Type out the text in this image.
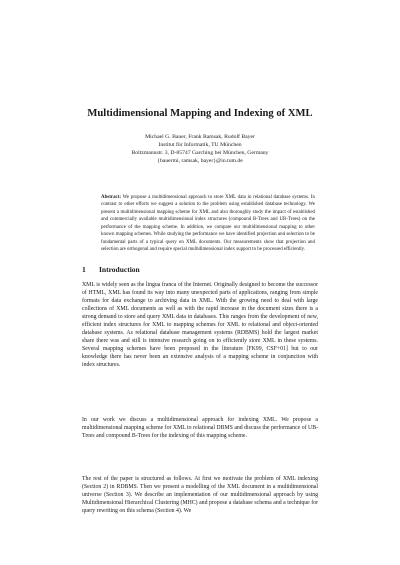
Multidimensional Mapping and Indexing of XML
Michael G. Bauer, Frank Ramsak, Rudolf Bayer
Institut für Informatik, TU München
Boltzmannstr. 3, D-85747 Garching bei München, Germany
{bauermi, ramsak, bayer}@in.tum.de
Abstract: We propose a multidimensional approach to store XML data in relational database systems. In contrast to other efforts we suggest a solution to the problem using established database technology. We present a multidimensional mapping scheme for XML and also thoroughly study the impact of established and commercially available multidimensional index structures (compound B-Trees and UB-Trees) on the performance of the mapping scheme. In addition, we compare our multidimensional mapping to other known mapping schemes. While studying the performance we have identified projection and selection to be fundamental parts of a typical query on XML documents. Our measurements show that projection and selection are orthogonal and require special multidimensional index support to be processed efficiently.
1 Introduction

XML is widely seen as the lingua franca of the Internet. Originally designed to become the successor of HTML, XML has found its way into many unexpected parts of applications, ranging from simple formats for data exchange to archiving data in XML. With the growing need to deal with large collections of XML documents as well as with the rapid increase in the document sizes there is a strong demand to store and query XML data in databases. This ranges from the development of new, efficient index structures for XML to mapping schemes for XML to relational and object-oriented database systems. As relational database management systems (RDBMS) hold the largest market share there was and still is intensive research going on to efficiently store XML in these systems. Several mapping schemes have been proposed in the literature [FK99, CSF+01] but to our knowledge there has never been an extensive analysis of a mapping scheme in conjunction with index structures.

In our work we discuss a multidimensional approach for indexing XML. We propose a multidimensional mapping scheme for XML to relational DBMS and discuss the performance of UB-Trees and compound B-Trees for the indexing of this mapping scheme.

The rest of the paper is structured as follows. At first we motivate the problem of XML indexing (Section 2) in RDBMS. Then we present a modelling of the XML document in a multidimensional universe (Section 3). We describe an implementation of our multidimensional approach by using Multidimensional Hierarchical Clustering (MHC) and propose a database schema and a technique for query rewriting on this schema (Section 4). We
